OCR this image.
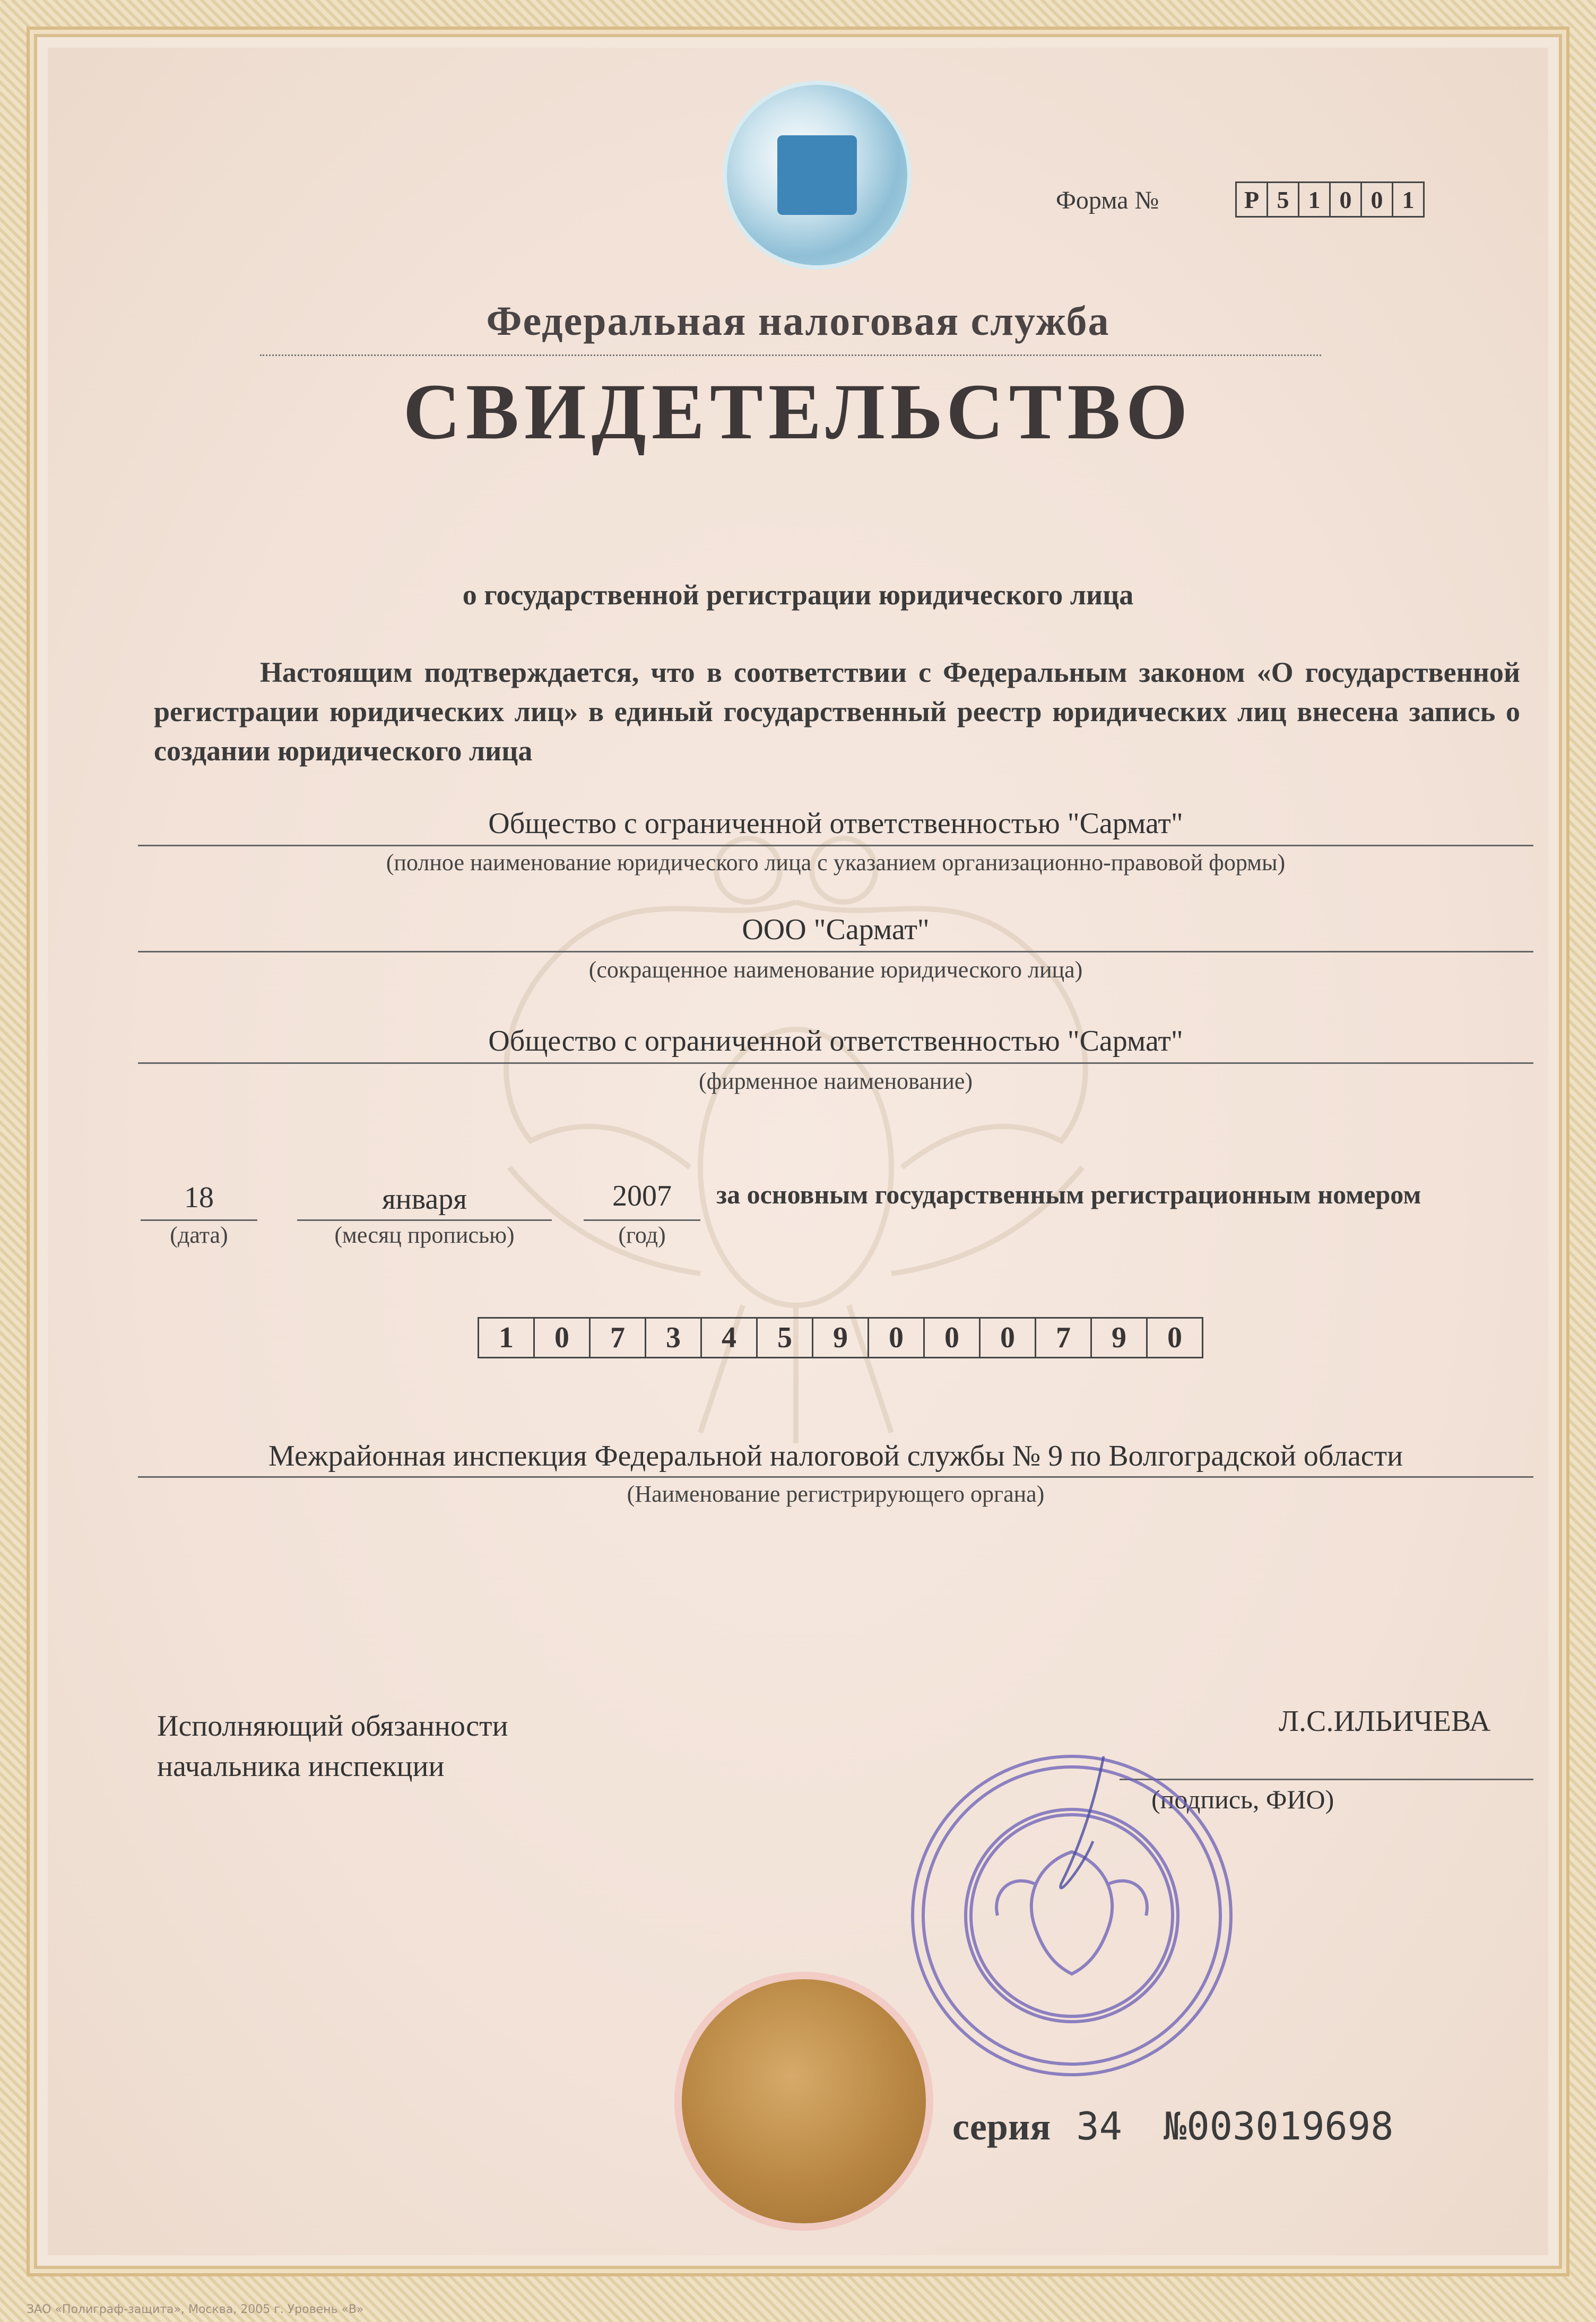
Форма №	Р 5 1 0 0 1
Федеральная налоговая служба
СВИДЕТЕЛЬСТВО
о государственной регистрации юридического лица
Настоящим подтверждается, что в соответствии с Федеральным законом «О государственной регистрации юридических лиц» в единый государственный реестр юридических лиц внесена запись о создании юридического лица
Общество с ограниченной ответственностью "Сармат"
(полное наименование юридического лица с указанием организационно-правовой формы)
ООО "Сармат"
(сокращенное наименование юридического лица)
Общество с ограниченной ответственностью "Сармат"
(фирменное наименование)
18
(дата)
января
(месяц прописью)
2007
(год)
за основным государственным регистрационным номером
1	0	7	3	4	5	9	0	0	0	7	9	0
Межрайонная инспекция Федеральной налоговой службы № 9 по Волгоградской области
(Наименование регистрирующего органа)
Исполняющий обязанности
начальника инспекции
Л.С.ИЛЬИЧЕВА
(подпись, ФИО)
серия 34 №003019698
ЗАО «Полиграф-защита», Москва, 2005 г. Уровень «В»
